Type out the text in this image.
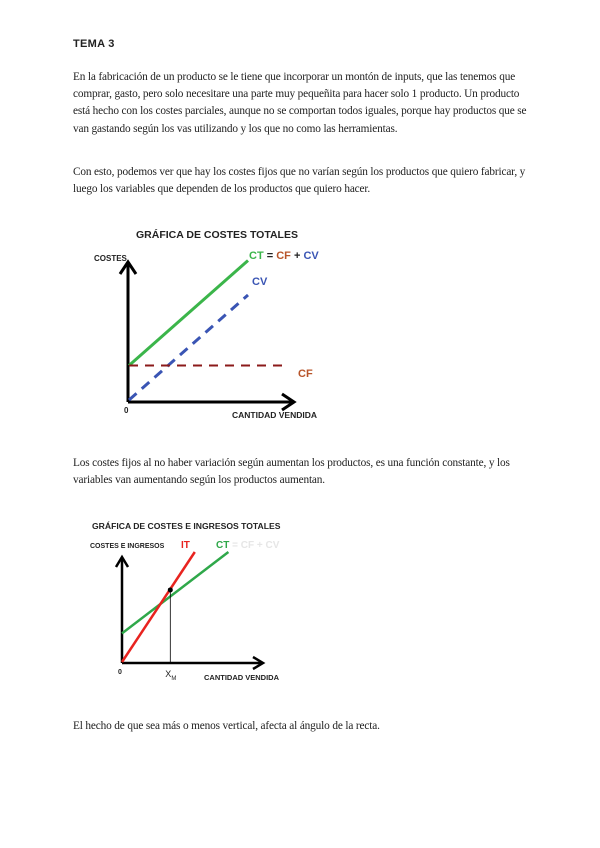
TEMA 3
En la fabricación de un producto se le tiene que incorporar un montón de inputs, que las tenemos que comprar, gasto, pero solo necesitare una parte muy pequeñita para hacer solo 1 producto. Un producto está hecho con los costes parciales, aunque no se comportan todos iguales, porque hay productos que se van gastando según los vas utilizando y los que no como las herramientas.
Con esto, podemos ver que hay los costes fijos que no varían según los productos que quiero fabricar, y luego los variables que dependen de los productos que quiero hacer.
GRÁFICA DE COSTES TOTALES
COSTES
0	CANTIDAD VENDIDA
CT = CF + CV
CV
CF
Los costes fijos al no haber variación según aumentan los productos, es una función constante, y los variables van aumentando según los productos aumentan.
GRÁFICA DE COSTES E INGRESOS TOTALES
COSTES E INGRESOS
0
CANTIDAD VENDIDA
IT	CT = CF + CV
$X_M$
El hecho de que sea más o menos vertical, afecta al ángulo de la recta.
